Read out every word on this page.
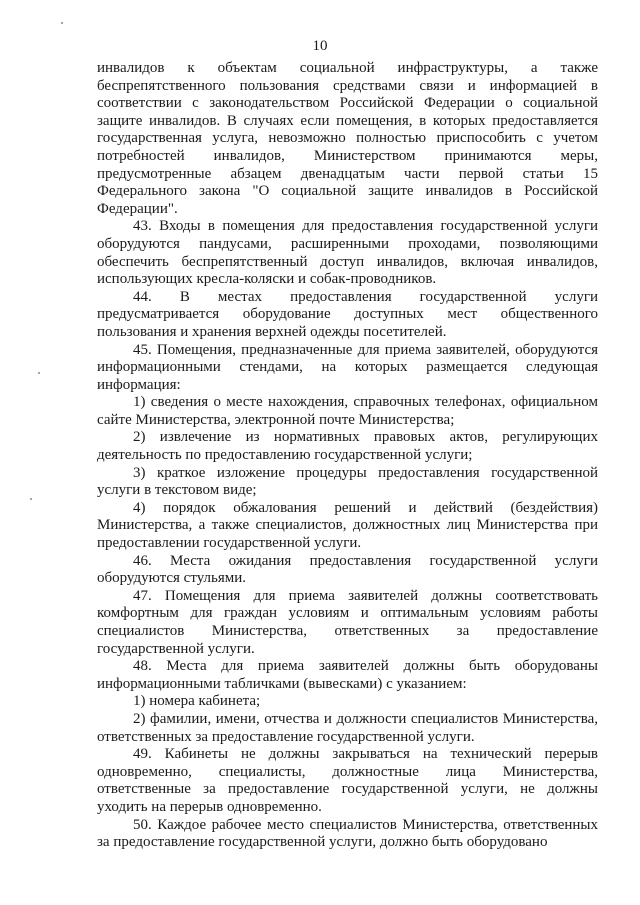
10

инвалидов к объектам социальной инфраструктуры, а также беспрепятственного пользования средствами связи и информацией в соответствии с законодательством Российской Федерации о социальной защите инвалидов. В случаях если помещения, в которых предоставляется государственная услуга, невозможно полностью приспособить с учетом потребностей инвалидов, Министерством принимаются меры, предусмотренные абзацем двенадцатым части первой статьи 15 Федерального закона "О социальной защите инвалидов в Российской Федерации".

43. Входы в помещения для предоставления государственной услуги оборудуются пандусами, расширенными проходами, позволяющими обеспечить беспрепятственный доступ инвалидов, включая инвалидов, использующих кресла-коляски и собак-проводников.

44. В местах предоставления государственной услуги предусматривается оборудование доступных мест общественного пользования и хранения верхней одежды посетителей.

45. Помещения, предназначенные для приема заявителей, оборудуются информационными стендами, на которых размещается следующая информация:

1) сведения о месте нахождения, справочных телефонах, официальном сайте Министерства, электронной почте Министерства;

2) извлечение из нормативных правовых актов, регулирующих деятельность по предоставлению государственной услуги;

3) краткое изложение процедуры предоставления государственной услуги в текстовом виде;

4) порядок обжалования решений и действий (бездействия) Министерства, а также специалистов, должностных лиц Министерства при предоставлении государственной услуги.

46. Места ожидания предоставления государственной услуги оборудуются стульями.

47. Помещения для приема заявителей должны соответствовать комфортным для граждан условиям и оптимальным условиям работы специалистов Министерства, ответственных за предоставление государственной услуги.

48. Места для приема заявителей должны быть оборудованы информационными табличками (вывесками) с указанием:

1) номера кабинета;

2) фамилии, имени, отчества и должности специалистов Министерства, ответственных за предоставление государственной услуги.

49. Кабинеты не должны закрываться на технический перерыв одновременно, специалисты, должностные лица Министерства, ответственные за предоставление государственной услуги, не должны уходить на перерыв одновременно.

50. Каждое рабочее место специалистов Министерства, ответственных за предоставление государственной услуги, должно быть оборудовано
